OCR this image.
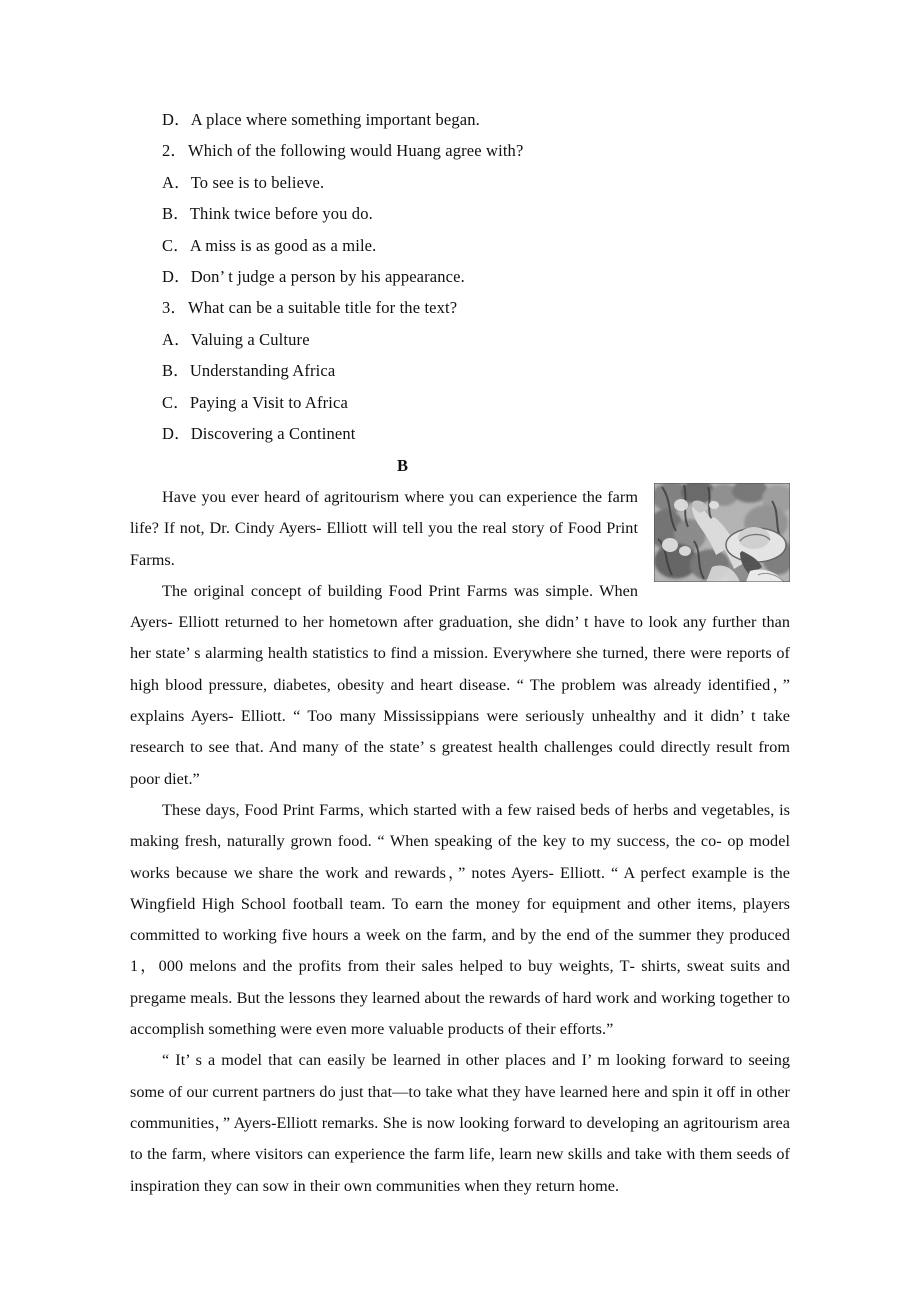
D．A place where something important began.
2．Which of the following would Huang agree with?
A．To see is to believe.
B．Think twice before you do.
C．A miss is as good as a mile.
D．Don’ t judge a person by his appearance.
3．What can be a suitable title for the text?
A．Valuing a Culture
B．Understanding Africa
C．Paying a Visit to Africa
D．Discovering a Continent
B

Have you ever heard of agritourism where you can experience the farm life? If not, Dr. Cindy Ayers‑ Elliott will tell you the real story of Food Print Farms.

The original concept of building Food Print Farms was simple. When Ayers‑ Elliott returned to her hometown after graduation, she didn’ t have to look any further than her state’ s alarming health statistics to find a mission. Everywhere she turned, there were reports of high blood pressure, diabetes, obesity and heart disease. “ The problem was already identified，” explains Ayers‑ Elliott. “ Too many Mississippians were seriously unhealthy and it didn’ t take research to see that. And many of the state’ s greatest health challenges could directly result from poor diet.”

These days, Food Print Farms, which started with a few raised beds of herbs and vegetables, is making fresh, naturally grown food. “ When speaking of the key to my success, the co‑ op model works because we share the work and rewards，” notes Ayers‑ Elliott. “ A perfect example is the Wingfield High School football team. To earn the money for equipment and other items, players committed to working five hours a week on the farm, and by the end of the summer they produced 1，000 melons and the profits from their sales helped to buy weights, T‑ shirts, sweat suits and pregame meals. But the lessons they learned about the rewards of hard work and working together to accomplish something were even more valuable products of their efforts.”

“ It’ s a model that can easily be learned in other places and I’ m looking forward to seeing some of our current partners do just that—to take what they have learned here and spin it off in other communities，” Ayers-Elliott remarks. She is now looking forward to developing an agritourism area to the farm, where visitors can experience the farm life, learn new skills and take with them seeds of inspiration they can sow in their own communities when they return home.
